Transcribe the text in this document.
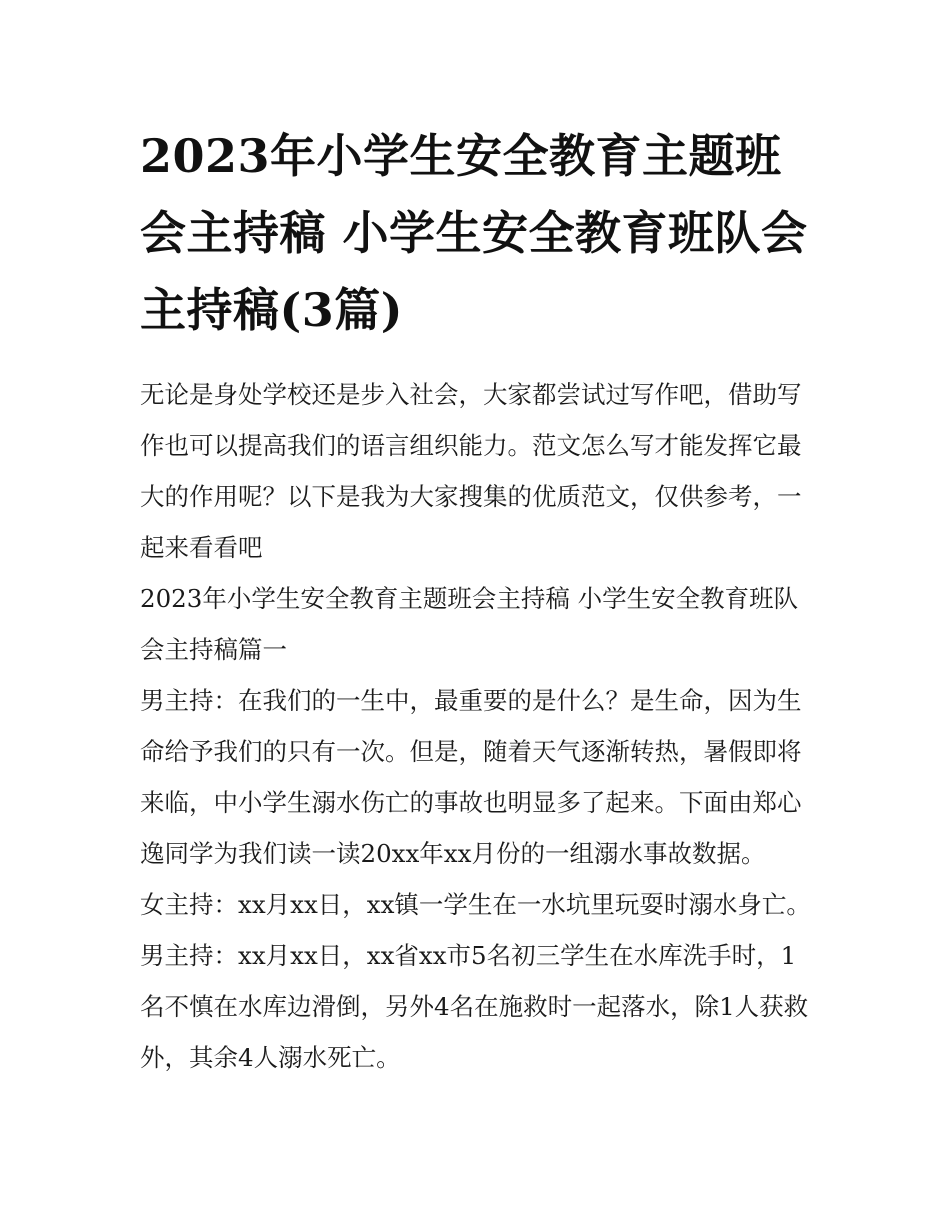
2023年小学生安全教育主题班会主持稿 小学生安全教育班队会主持稿(3篇)

无论是身处学校还是步入社会，大家都尝试过写作吧，借助写作也可以提高我们的语言组织能力。范文怎么写才能发挥它最大的作用呢？以下是我为大家搜集的优质范文，仅供参考，一起来看看吧

2023年小学生安全教育主题班会主持稿 小学生安全教育班队会主持稿篇一

男主持：在我们的一生中，最重要的是什么？是生命，因为生命给予我们的只有一次。但是，随着天气逐渐转热，暑假即将来临，中小学生溺水伤亡的事故也明显多了起来。下面由郑心逸同学为我们读一读20xx年xx月份的一组溺水事故数据。

女主持：xx月xx日，xx镇一学生在一水坑里玩耍时溺水身亡。

男主持：xx月xx日，xx省xx市5名初三学生在水库洗手时，1名不慎在水库边滑倒，另外4名在施救时一起落水，除1人获救外，其余4人溺水死亡。
